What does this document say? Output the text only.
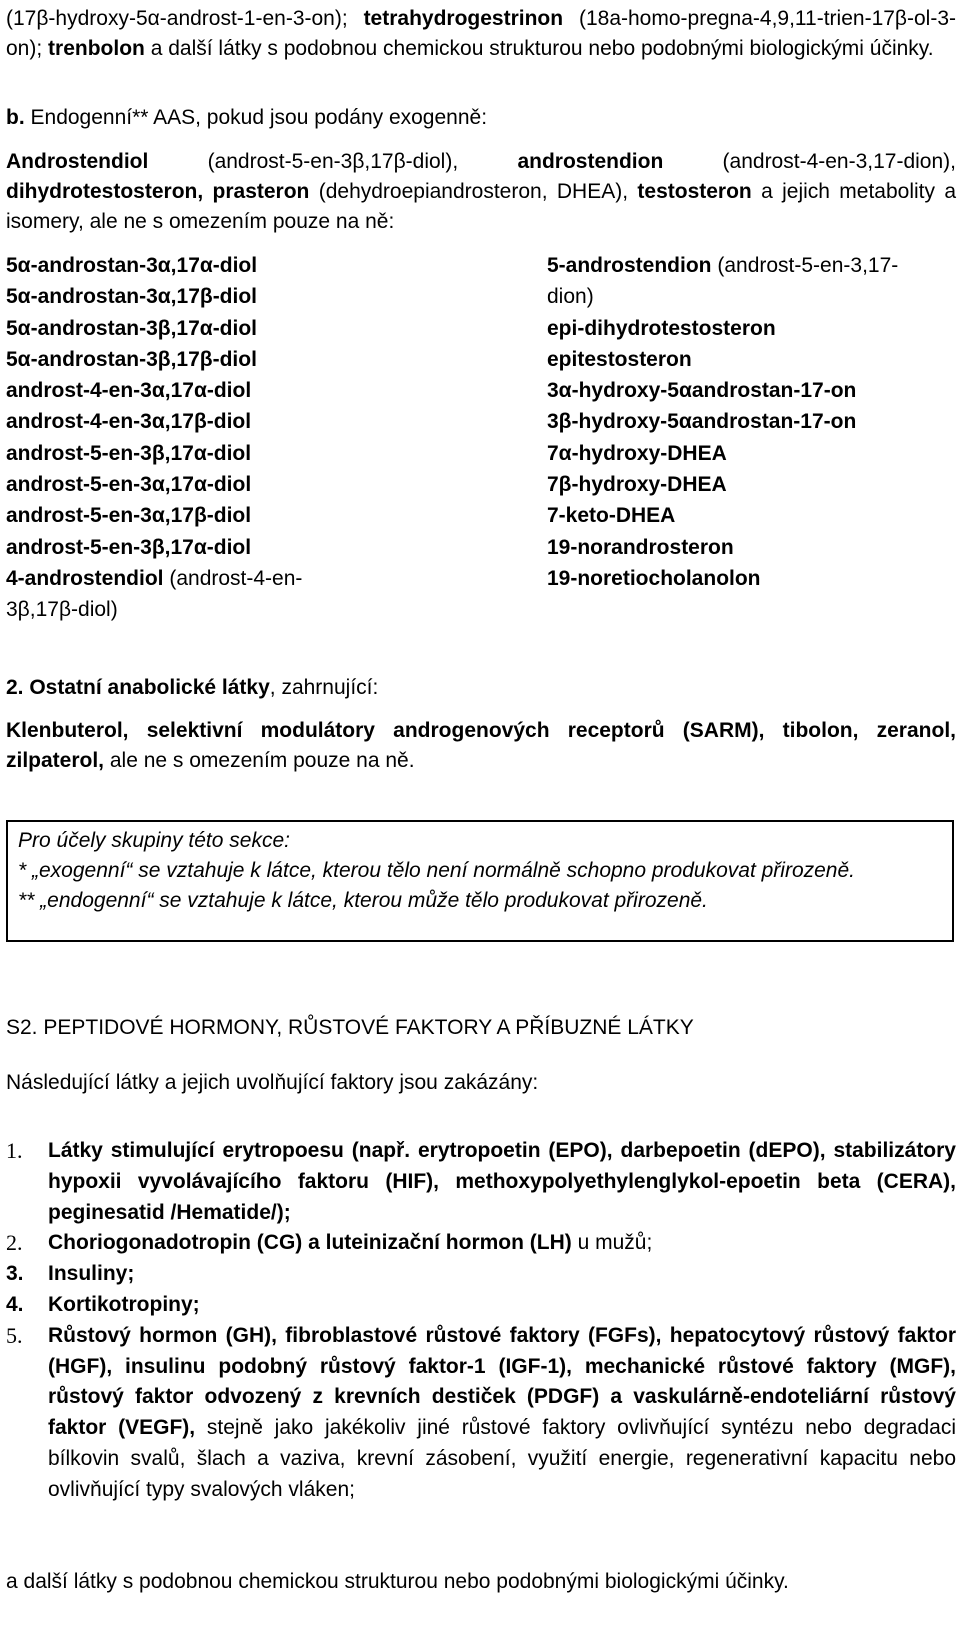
(17β-hydroxy-5α-androst-1-en-3-on); tetrahydrogestrinon (18a-homo-pregna-4,9,11-trien-17β-ol-3-on); trenbolon a další látky s podobnou chemickou strukturou nebo podobnými biologickými účinky.

b. Endogenní** AAS, pokud jsou podány exogenně:

Androstendiol (androst-5-en-3β,17β-diol), androstendion (androst-4-en-3,17-dion), dihydrotestosteron, prasteron (dehydroepiandrosteron, DHEA), testosteron a jejich metabolity a isomery, ale ne s omezením pouze na ně:

5α-androstan-3α,17α-diol
5α-androstan-3α,17β-diol
5α-androstan-3β,17α-diol
5α-androstan-3β,17β-diol
androst-4-en-3α,17α-diol
androst-4-en-3α,17β-diol
androst-5-en-3β,17α-diol
androst-5-en-3α,17α-diol
androst-5-en-3α,17β-diol
androst-5-en-3β,17α-diol
4-androstendiol (androst-4-en-3β,17β-diol)
5-androstendion (androst-5-en-3,17-dion)
epi-dihydrotestosteron
epitestosteron
3α-hydroxy-5αandrostan-17-on
3β-hydroxy-5αandrostan-17-on
7α-hydroxy-DHEA
7β-hydroxy-DHEA
7-keto-DHEA
19-norandrosteron
19-noretiocholanolon

2. Ostatní anabolické látky, zahrnující:

Klenbuterol, selektivní modulátory androgenových receptorů (SARM), tibolon, zeranol, zilpaterol, ale ne s omezením pouze na ně.

Pro účely skupiny této sekce:
* „exogenní“ se vztahuje k látce, kterou tělo není normálně schopno produkovat přirozeně.
** „endogenní“ se vztahuje k látce, kterou může tělo produkovat přirozeně.

S2. PEPTIDOVÉ HORMONY, RŮSTOVÉ FAKTORY A PŘÍBUZNÉ LÁTKY

Následující látky a jejich uvolňující faktory jsou zakázány:

1. Látky stimulující erytropoesu (např. erytropoetin (EPO), darbepoetin (dEPO), stabilizátory hypoxii vyvolávajícího faktoru (HIF), methoxypolyethylenglykol-epoetin beta (CERA), peginesatid /Hematide/);
2. Choriogonadotropin (CG) a luteinizační hormon (LH) u mužů;
3. Insuliny;
4. Kortikotropiny;
5. Růstový hormon (GH), fibroblastové růstové faktory (FGFs), hepatocytový růstový faktor (HGF), insulinu podobný růstový faktor-1 (IGF-1), mechanické růstové faktory (MGF), růstový faktor odvozený z krevních destiček (PDGF) a vaskulárně-endoteliární růstový faktor (VEGF), stejně jako jakékoliv jiné růstové faktory ovlivňující syntézu nebo degradaci bílkovin svalů, šlach a vaziva, krevní zásobení, využití energie, regenerativní kapacitu nebo ovlivňující typy svalových vláken;

a další látky s podobnou chemickou strukturou nebo podobnými biologickými účinky.
